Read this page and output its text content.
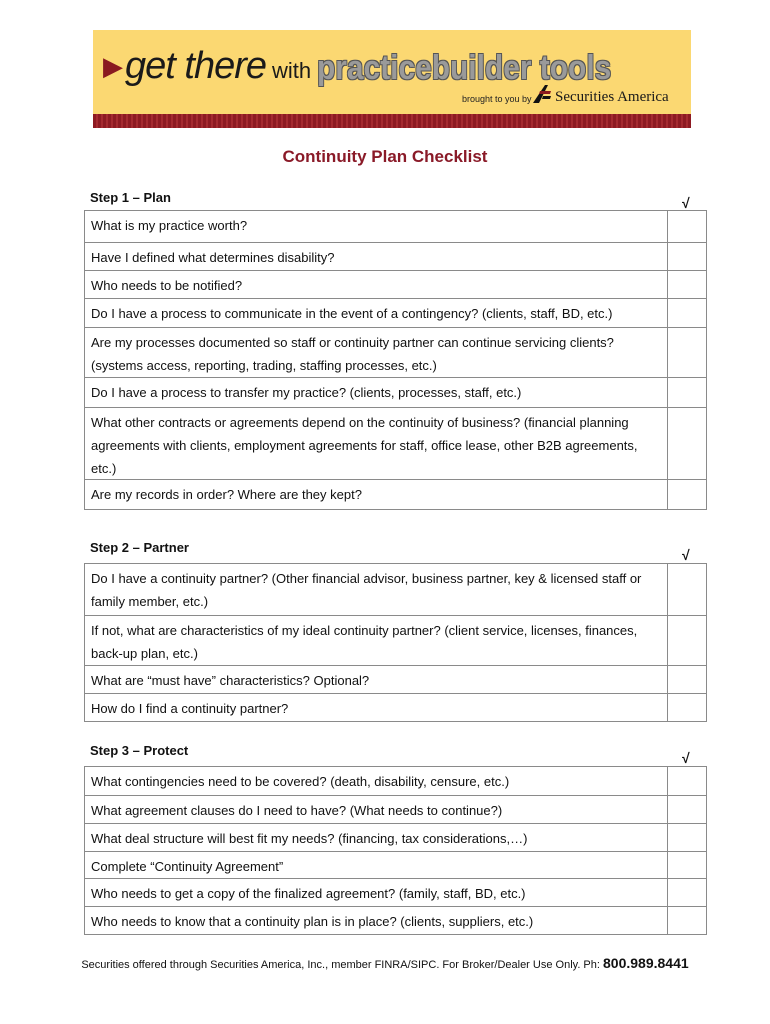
▶ get there with practicebuilder tools
brought to you by Securities America
Continuity Plan Checklist
Step 1 – Plan	√
What is my practice worth?
Have I defined what determines disability?
Who needs to be notified?
Do I have a process to communicate in the event of a contingency? (clients, staff, BD, etc.)
Are my processes documented so staff or continuity partner can continue servicing clients? (systems access, reporting, trading, staffing processes, etc.)
Do I have a process to transfer my practice? (clients, processes, staff, etc.)
What other contracts or agreements depend on the continuity of business? (financial planning agreements with clients, employment agreements for staff, office lease, other B2B agreements, etc.)
Are my records in order? Where are they kept?
Step 2 – Partner	√
Do I have a continuity partner? (Other financial advisor, business partner, key & licensed staff or family member, etc.)
If not, what are characteristics of my ideal continuity partner? (client service, licenses, finances, back-up plan, etc.)
What are “must have” characteristics? Optional?
How do I find a continuity partner?
Step 3 – Protect	√
What contingencies need to be covered? (death, disability, censure, etc.)
What agreement clauses do I need to have? (What needs to continue?)
What deal structure will best fit my needs? (financing, tax considerations,…)
Complete “Continuity Agreement”
Who needs to get a copy of the finalized agreement? (family, staff, BD, etc.)
Who needs to know that a continuity plan is in place? (clients, suppliers, etc.)
Securities offered through Securities America, Inc., member FINRA/SIPC. For Broker/Dealer Use Only. Ph: 800.989.8441
